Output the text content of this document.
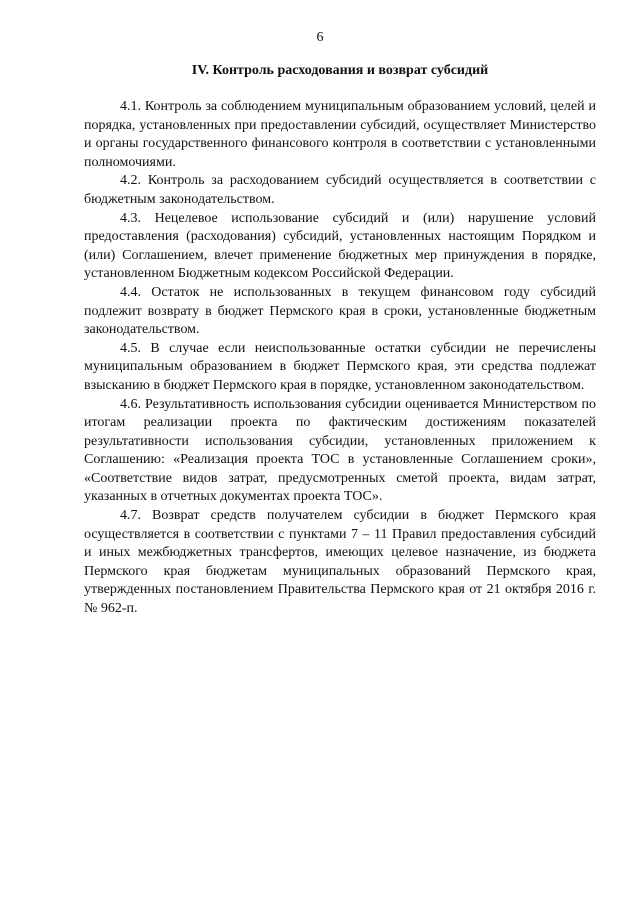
6
IV. Контроль расходования и возврат субсидий

4.1. Контроль за соблюдением муниципальным образованием условий, целей и порядка, установленных при предоставлении субсидий, осуществляет Министерство и органы государственного финансового контроля в соответствии с установленными полномочиями.

4.2. Контроль за расходованием субсидий осуществляется в соответствии с бюджетным законодательством.

4.3. Нецелевое использование субсидий и (или) нарушение условий предоставления (расходования) субсидий, установленных настоящим Порядком и (или) Соглашением, влечет применение бюджетных мер принуждения в порядке, установленном Бюджетным кодексом Российской Федерации.

4.4. Остаток не использованных в текущем финансовом году субсидий подлежит возврату в бюджет Пермского края в сроки, установленные бюджетным законодательством.

4.5. В случае если неиспользованные остатки субсидии не перечислены муниципальным образованием в бюджет Пермского края, эти средства подлежат взысканию в бюджет Пермского края в порядке, установленном законодательством.

4.6. Результативность использования субсидии оценивается Министерством по итогам реализации проекта по фактическим достижениям показателей результативности использования субсидии, установленных приложением к Соглашению: «Реализация проекта ТОС в установленные Соглашением сроки», «Соответствие видов затрат, предусмотренных сметой проекта, видам затрат, указанных в отчетных документах проекта ТОС».

4.7. Возврат средств получателем субсидии в бюджет Пермского края осуществляется в соответствии с пунктами 7 – 11 Правил предоставления субсидий и иных межбюджетных трансфертов, имеющих целевое назначение, из бюджета Пермского края бюджетам муниципальных образований Пермского края, утвержденных постановлением Правительства Пермского края от 21 октября 2016 г. № 962-п.
